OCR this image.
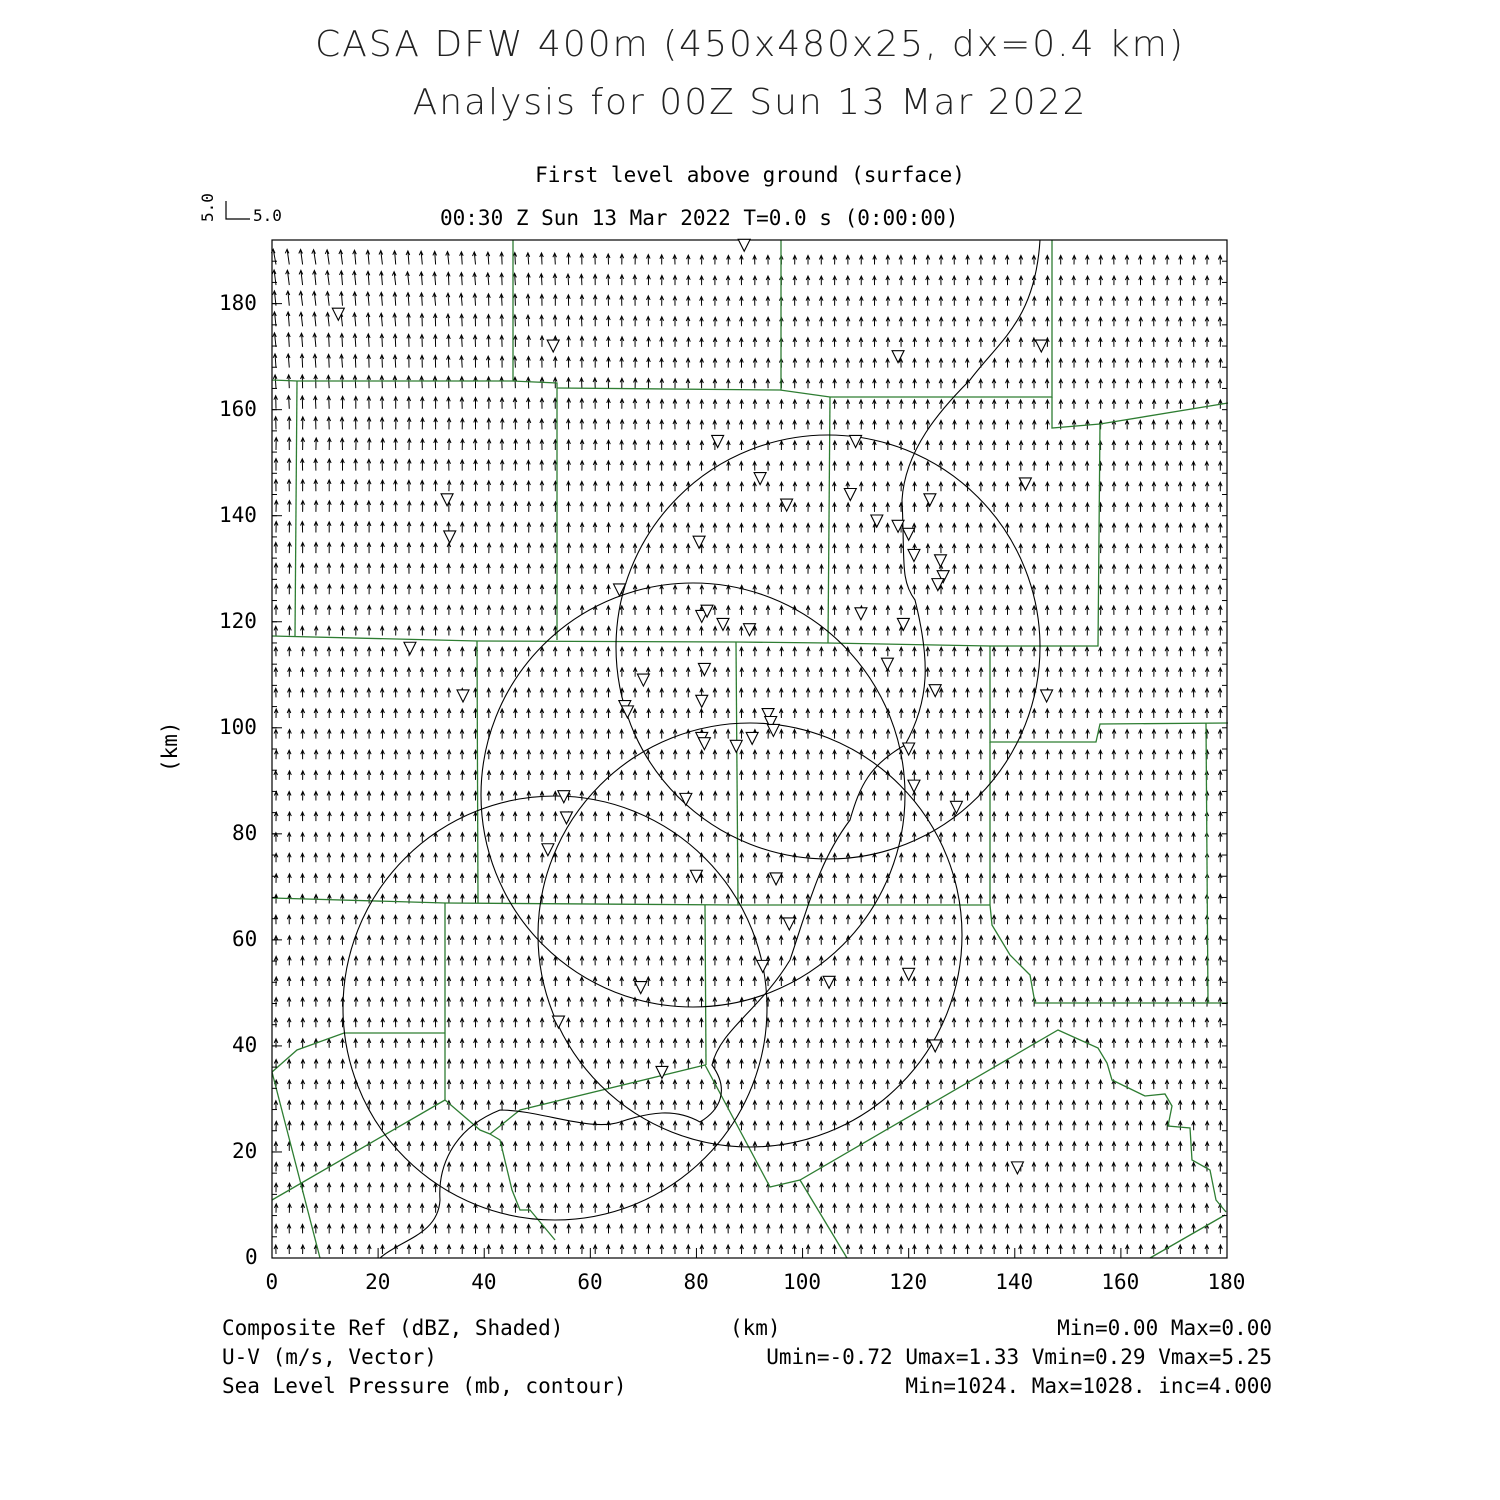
CASA DFW 400m (450x480x25, dx=0.4 km)
Analysis for 00Z Sun 13 Mar 2022
First level above ground (surface)
00:30 Z Sun 13 Mar 2022 T=0.0 s (0:00:00)
5.0
5.0
0	20	40	60	80	100	120	140	160	180
0
20
40
60
80
100
120
140
160
180
(km)
Composite Ref (dBZ, Shaded)	(km)	Min=0.00 Max=0.00
U-V (m/s, Vector)	Umin=-0.72 Umax=1.33 Vmin=0.29 Vmax=5.25
Sea Level Pressure (mb, contour)	Min=1024. Max=1028. inc=4.000
